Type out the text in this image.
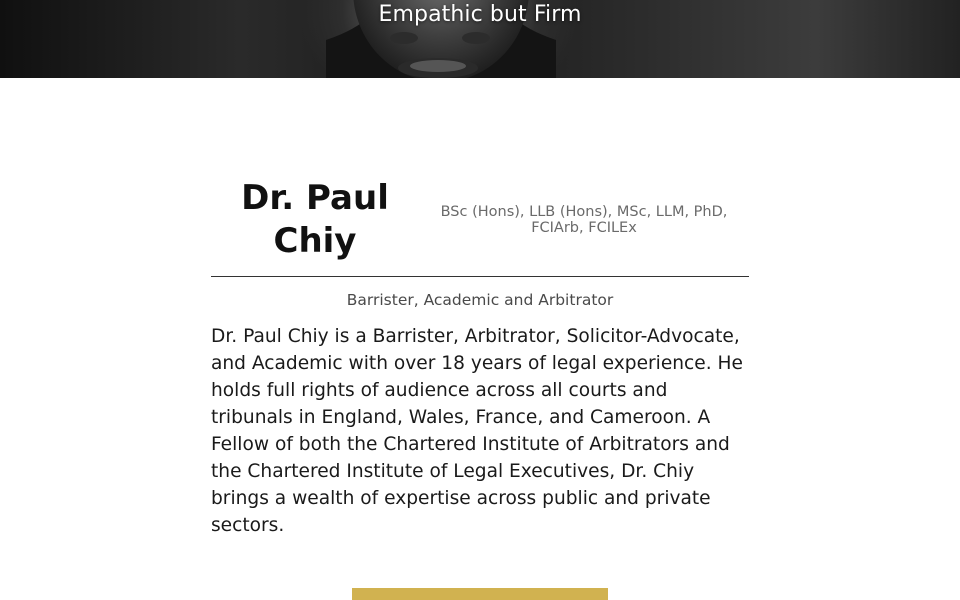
Empathic but Firm
Dr. Paul Chiy
BSc (Hons), LLB (Hons), MSc, LLM, PhD, FCIArb, FCILEx
Barrister, Academic and Arbitrator

Dr. Paul Chiy is a Barrister, Arbitrator, Solicitor-Advocate, and Academic with over 18 years of legal experience. He holds full rights of audience across all courts and tribunals in England, Wales, France, and Cameroon. A Fellow of both the Chartered Institute of Arbitrators and the Chartered Institute of Legal Executives, Dr. Chiy brings a wealth of expertise across public and private sectors.
